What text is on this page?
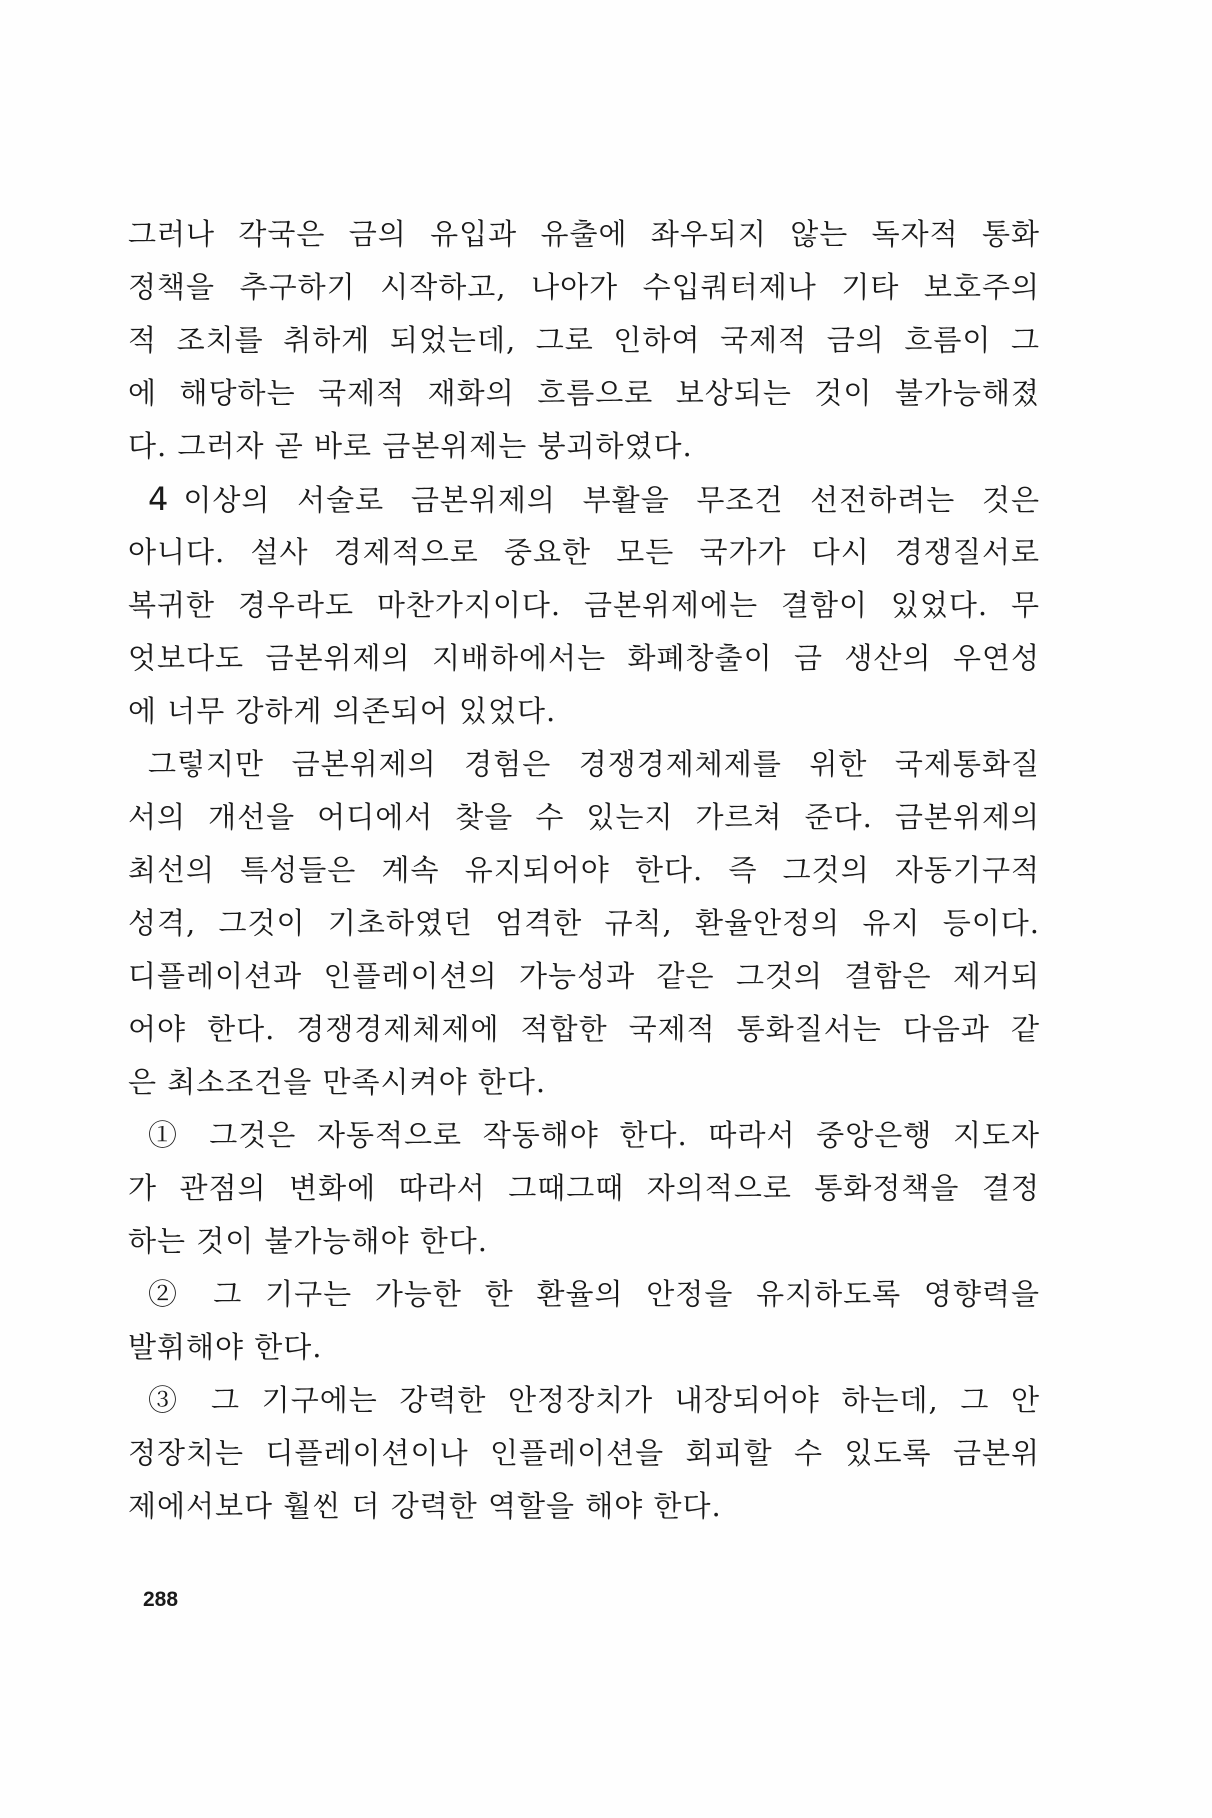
그러나 각국은 금의 유입과 유출에 좌우되지 않는 독자적 통화
정책을 추구하기 시작하고, 나아가 수입쿼터제나 기타 보호주의
적 조치를 취하게 되었는데, 그로 인하여 국제적 금의 흐름이 그
에 해당하는 국제적 재화의 흐름으로 보상되는 것이 불가능해졌
다. 그러자 곧 바로 금본위제는 붕괴하였다.
4 이상의 서술로 금본위제의 부활을 무조건 선전하려는 것은
아니다. 설사 경제적으로 중요한 모든 국가가 다시 경쟁질서로
복귀한 경우라도 마찬가지이다. 금본위제에는 결함이 있었다. 무
엇보다도 금본위제의 지배하에서는 화폐창출이 금 생산의 우연성
에 너무 강하게 의존되어 있었다.
그렇지만 금본위제의 경험은 경쟁경제체제를 위한 국제통화질
서의 개선을 어디에서 찾을 수 있는지 가르쳐 준다. 금본위제의
최선의 특성들은 계속 유지되어야 한다. 즉 그것의 자동기구적
성격, 그것이 기초하였던 엄격한 규칙, 환율안정의 유지 등이다.
디플레이션과 인플레이션의 가능성과 같은 그것의 결함은 제거되
어야 한다. 경쟁경제체제에 적합한 국제적 통화질서는 다음과 같
은 최소조건을 만족시켜야 한다.
① 그것은 자동적으로 작동해야 한다. 따라서 중앙은행 지도자
가 관점의 변화에 따라서 그때그때 자의적으로 통화정책을 결정
하는 것이 불가능해야 한다.
② 그 기구는 가능한 한 환율의 안정을 유지하도록 영향력을
발휘해야 한다.
③ 그 기구에는 강력한 안정장치가 내장되어야 하는데, 그 안
정장치는 디플레이션이나 인플레이션을 회피할 수 있도록 금본위
제에서보다 훨씬 더 강력한 역할을 해야 한다.
288
